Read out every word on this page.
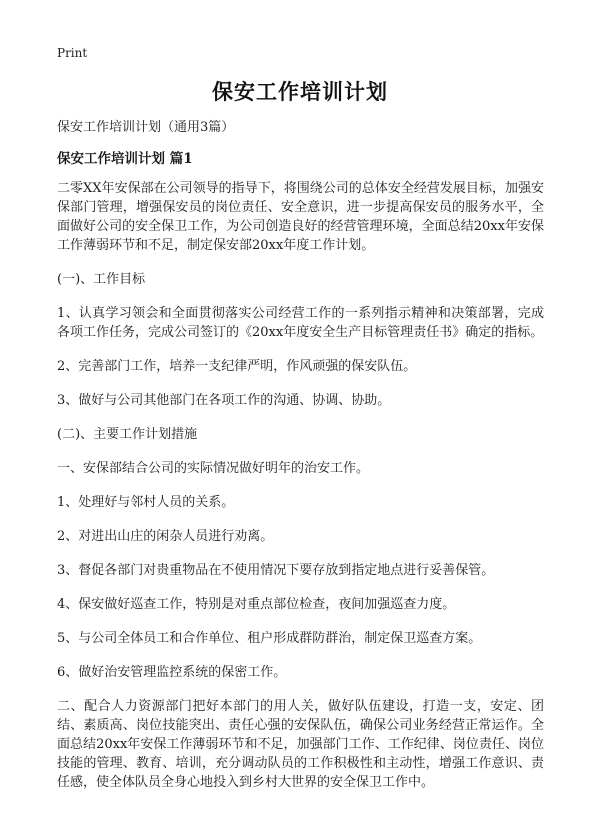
Print
保安工作培训计划
保安工作培训计划（通用3篇）
保安工作培训计划 篇1

二零XX年安保部在公司领导的指导下，将围绕公司的总体安全经营发展目标，加强安保部门管理，增强保安员的岗位责任、安全意识，进一步提高保安员的服务水平，全面做好公司的安全保卫工作，为公司创造良好的经营管理环境，全面总结20xx年安保工作薄弱环节和不足，制定保安部20xx年度工作计划。

(一)、工作目标

1、认真学习领会和全面贯彻落实公司经营工作的一系列指示精神和决策部署，完成各项工作任务，完成公司签订的《20xx年度安全生产目标管理责任书》确定的指标。

2、完善部门工作，培养一支纪律严明，作风顽强的保安队伍。

3、做好与公司其他部门在各项工作的沟通、协调、协助。

(二)、主要工作计划措施

一、安保部结合公司的实际情况做好明年的治安工作。

1、处理好与邻村人员的关系。

2、对进出山庄的闲杂人员进行劝离。

3、督促各部门对贵重物品在不使用情况下要存放到指定地点进行妥善保管。

4、保安做好巡查工作，特别是对重点部位检查，夜间加强巡查力度。

5、与公司全体员工和合作单位、租户形成群防群治，制定保卫巡查方案。

6、做好治安管理监控系统的保密工作。

二、配合人力资源部门把好本部门的用人关，做好队伍建设，打造一支，安定、团结、素质高、岗位技能突出、责任心强的安保队伍，确保公司业务经营正常运作。全面总结20xx年安保工作薄弱环节和不足，加强部门工作、工作纪律、岗位责任、岗位技能的管理、教育、培训，充分调动队员的工作积极性和主动性，增强工作意识、责任感，使全体队员全身心地投入到乡村大世界的安全保卫工作中。
